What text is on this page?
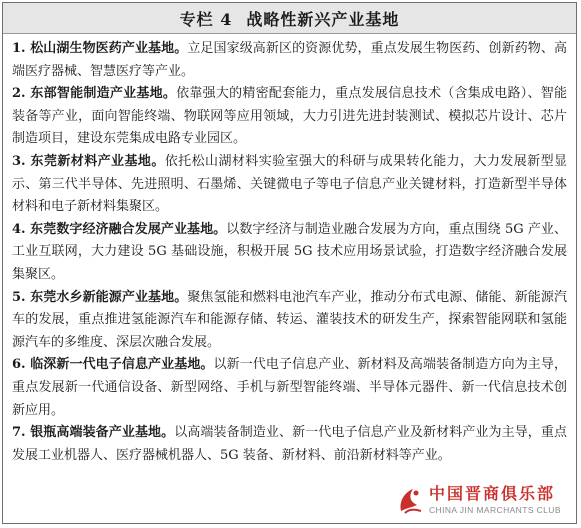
专栏 4 战略性新兴产业基地

1. 松山湖生物医药产业基地。立足国家级高新区的资源优势，重点发展生物医药、创新药物、高端医疗器械、智慧医疗等产业。

2. 东部智能制造产业基地。依靠强大的精密配套能力，重点发展信息技术（含集成电路）、智能装备等产业，面向智能终端、物联网等应用领域，大力引进先进封装测试、模拟芯片设计、芯片制造项目，建设东莞集成电路专业园区。

3. 东莞新材料产业基地。依托松山湖材料实验室强大的科研与成果转化能力，大力发展新型显示、第三代半导体、先进照明、石墨烯、关键微电子等电子信息产业关键材料，打造新型半导体材料和电子新材料集聚区。

4. 东莞数字经济融合发展产业基地。以数字经济与制造业融合发展为方向，重点围绕 5G 产业、工业互联网，大力建设 5G 基础设施，积极开展 5G 技术应用场景试验，打造数字经济融合发展集聚区。

5. 东莞水乡新能源产业基地。聚焦氢能和燃料电池汽车产业，推动分布式电源、储能、新能源汽车的发展，重点推进氢能源汽车和能源存储、转运、灌装技术的研发生产，探索智能网联和氢能源汽车的多维度、深层次融合发展。

6. 临深新一代电子信息产业基地。以新一代电子信息产业、新材料及高端装备制造方向为主导，重点发展新一代通信设备、新型网络、手机与新型智能终端、半导体元器件、新一代信息技术创新应用。

7. 银瓶高端装备产业基地。以高端装备制造业、新一代电子信息产业及新材料产业为主导，重点发展工业机器人、医疗器械机器人、5G 装备、新材料、前沿新材料等产业。

中国晋商俱乐部
CHINA JIN MARCHANTS CLUB
